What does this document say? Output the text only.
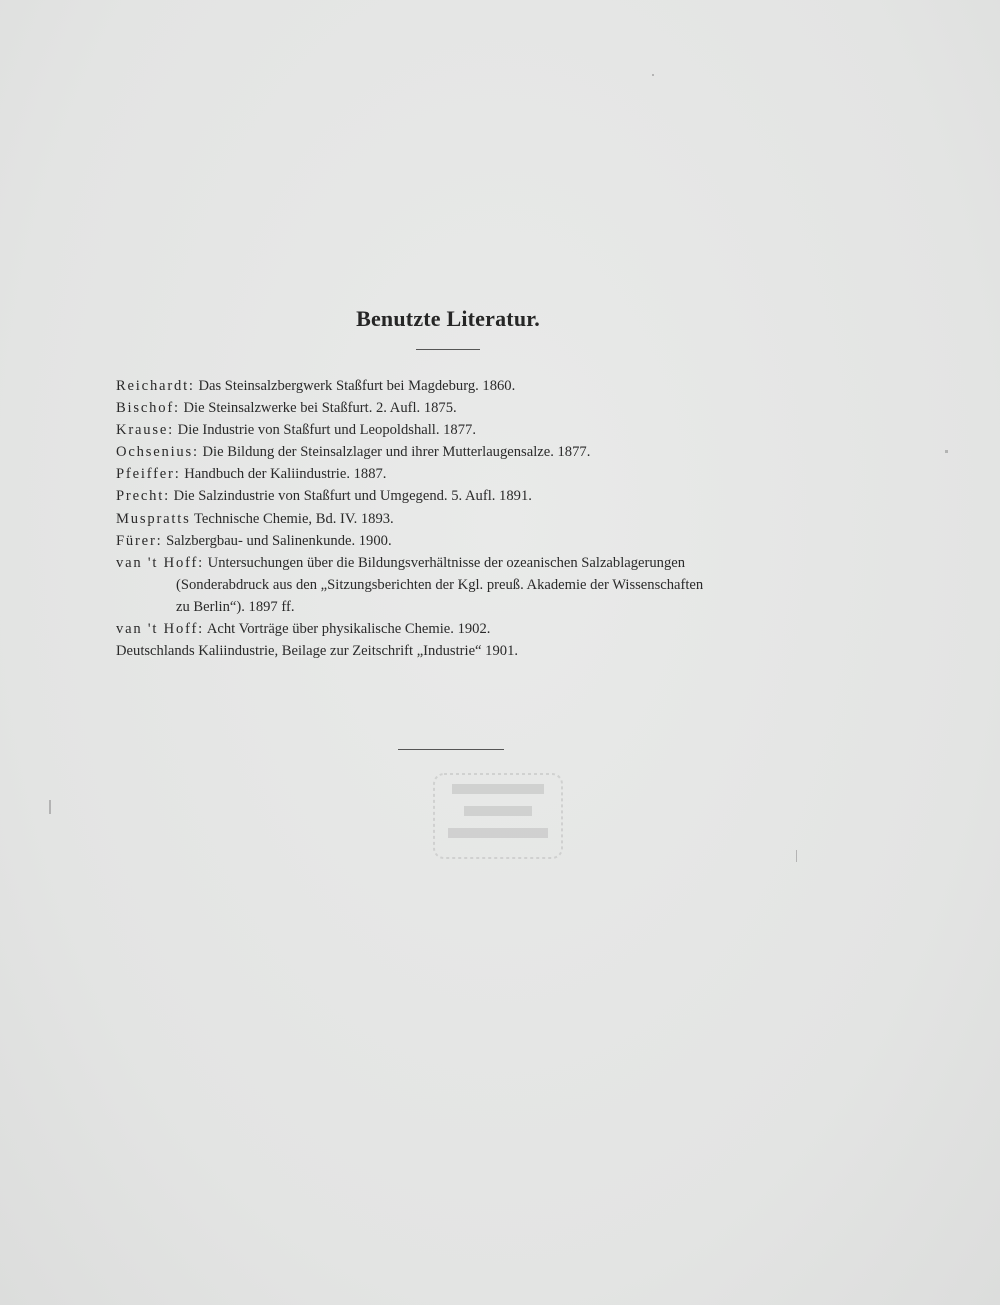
Benutzte Literatur.
Reichardt: Das Steinsalzbergwerk Staßfurt bei Magdeburg. 1860.
Bischof: Die Steinsalzwerke bei Staßfurt. 2. Aufl. 1875.
Krause: Die Industrie von Staßfurt und Leopoldshall. 1877.
Ochsenius: Die Bildung der Steinsalzlager und ihrer Mutterlaugensalze. 1877.
Pfeiffer: Handbuch der Kaliindustrie. 1887.
Precht: Die Salzindustrie von Staßfurt und Umgegend. 5. Aufl. 1891.
Muspratts Technische Chemie, Bd. IV. 1893.
Fürer: Salzbergbau- und Salinenkunde. 1900.
van 't Hoff: Untersuchungen über die Bildungsverhältnisse der ozeanischen Salzablagerungen
(Sonderabdruck aus den „Sitzungsberichten der Kgl. preuß. Akademie der Wissenschaften
zu Berlin“). 1897 ff.
van 't Hoff: Acht Vorträge über physikalische Chemie. 1902.
Deutschlands Kaliindustrie, Beilage zur Zeitschrift „Industrie“ 1901.
